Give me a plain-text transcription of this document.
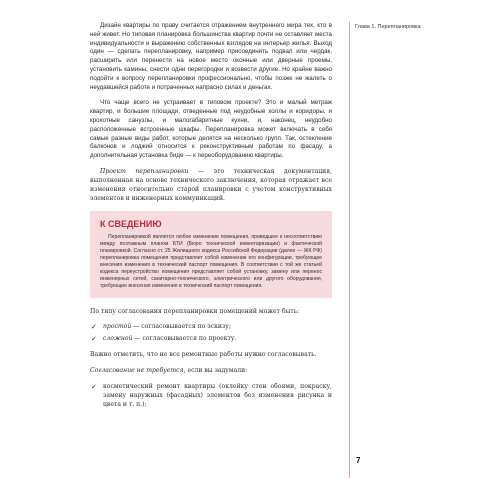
Дизайн квартиры по праву считается отражением внутреннего мира тех, кто в ней живет. Но типовая планировка большинства квартир почти не оставляет места индивидуальности и выражению собственных взглядов на интерьер жилья. Выход один — сделать перепланировку, например присоединить подвал или чердак, расширить или перенести на новое место оконные или дверные проемы, установить камины, снести одни перегородки и возвести другие. Но крайне важно подойти к вопросу перепланировки профессионально, чтобы позже не жалеть о неудавшейся работе и потраченных напрасно силах и деньгах.

Что чаще всего не устраивает в типовом проекте? Это и малый метраж квартир, и большие площади, отведенные под неудобные холлы и коридоры, и крохотные санузлы, и малогабаритные кухни, и, наконец, неудобно расположенные встроенные шкафы. Перепланировка может включать в себя самые разные виды работ, которые делятся на несколько групп. Так, остекление балконов и лоджий относится к реконструктивным работам по фасаду, а дополнительная установка биде — к переоборудованию квартиры.

Проект перепланировки — это техническая документация, выполненная на основе технического заключения, которая отражает все изменения относительно старой планировки с учетом конструктивных элементов и инженерных коммуникаций.

К СВЕДЕНИЮ

Перепланировкой является любое изменение помещения, приведшее к несоответствию между поэтажным планом БТИ (Бюро технической инвентаризации) и фактической планировкой. Согласно ст. 25 Жилищного кодекса Российской Федерации (далее — ЖК РФ) перепланировка помещения представляет собой изменение его конфигурации, требующее внесения изменения в технический паспорт помещения. В соответствии с той же статьей кодекса переустройство помещения представляет собой установку, замену или перенос инженерных сетей, санитарно-технического, электрического или другого оборудования, требующие внесения изменения в технический паспорт помещения.

По типу согласования перепланировки помещений может быть:

✓ простой — согласовывается по эскизу;
✓ сложной — согласовывается по проекту.

Важно отметить, что не все ремонтные работы нужно согласовывать.

Согласование не требуется, если вы задумали:

✓ косметический ремонт квартиры (оклейку стен обоями, покраску, замену наружных (фасадных) элементов без изменения рисунка и цвета и т. п.);
Глава 1. Перепланировка
7
